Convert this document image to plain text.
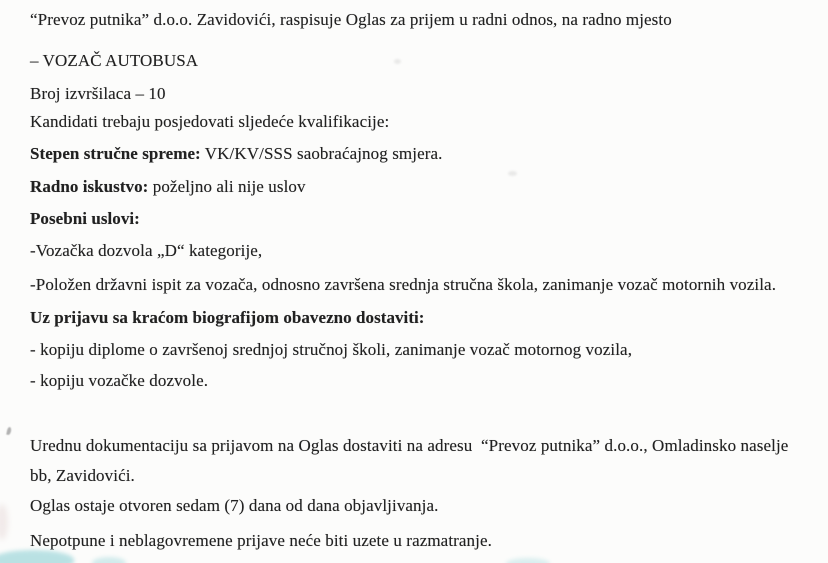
“Prevoz putnika” d.o.o. Zavidovići, raspisuje Oglas za prijem u radni odnos, na radno mjesto
– VOZAČ AUTOBUSA
Broj izvršilaca – 10
Kandidati trebaju posjedovati sljedeće kvalifikacije:
Stepen stručne spreme: VK/KV/SSS saobraćajnog smjera.
Radno iskustvo: poželjno ali nije uslov
Posebni uslovi:
-Vozačka dozvola „D“ kategorije,
-Položen državni ispit za vozača, odnosno završena srednja stručna škola, zanimanje vozač motornih vozila.
Uz prijavu sa kraćom biografijom obavezno dostaviti:
- kopiju diplome o završenoj srednjoj stručnoj školi, zanimanje vozač motornog vozila,
- kopiju vozačke dozvole.
Urednu dokumentaciju sa prijavom na Oglas dostaviti na adresu  “Prevoz putnika” d.o.o., Omladinsko naselje
bb, Zavidovići.
Oglas ostaje otvoren sedam (7) dana od dana objavljivanja.
Nepotpune i neblagovremene prijave neće biti uzete u razmatranje.
